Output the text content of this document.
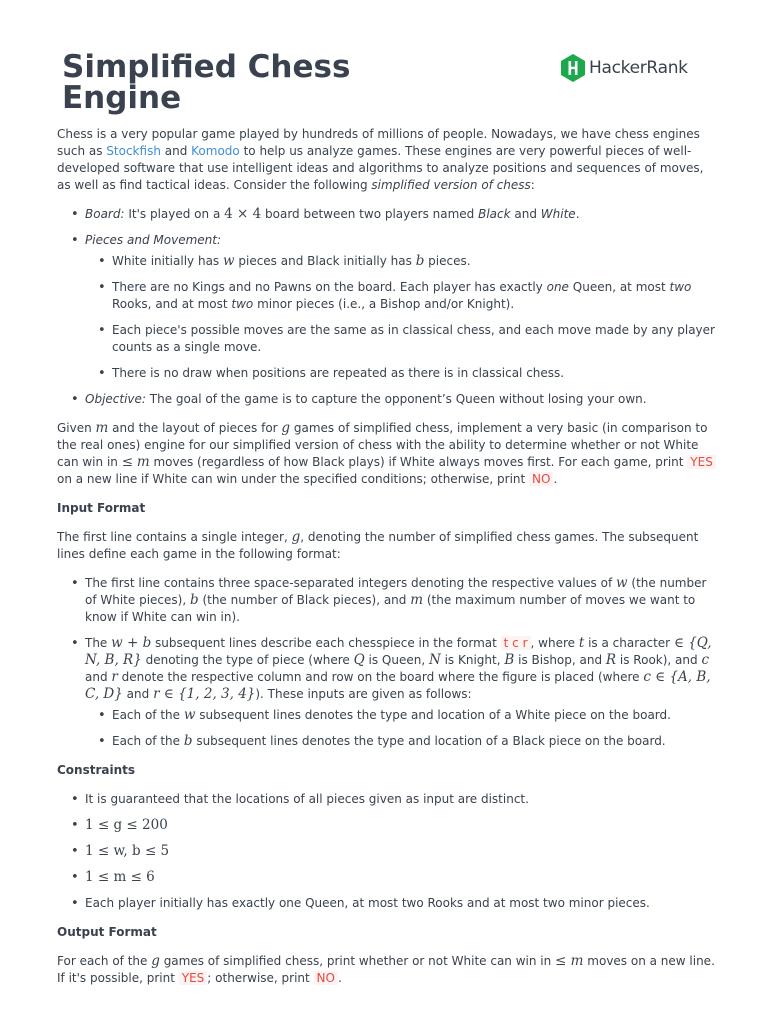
Simplified Chess
Engine
HackerRank

Chess is a very popular game played by hundreds of millions of people. Nowadays, we have chess engines such as Stockfish and Komodo to help us analyze games. These engines are very powerful pieces of well-developed software that use intelligent ideas and algorithms to analyze positions and sequences of moves, as well as find tactical ideas. Consider the following simplified version of chess:

• Board: It's played on a 4 × 4 board between two players named Black and White.
• Pieces and Movement:
• White initially has w pieces and Black initially has b pieces.
• There are no Kings and no Pawns on the board. Each player has exactly one Queen, at most two Rooks, and at most two minor pieces (i.e., a Bishop and/or Knight).
• Each piece's possible moves are the same as in classical chess, and each move made by any player counts as a single move.
• There is no draw when positions are repeated as there is in classical chess.
• Objective: The goal of the game is to capture the opponent’s Queen without losing your own.

Given m and the layout of pieces for g games of simplified chess, implement a very basic (in comparison to the real ones) engine for our simplified version of chess with the ability to determine whether or not White can win in ≤ m moves (regardless of how Black plays) if White always moves first. For each game, print YES on a new line if White can win under the specified conditions; otherwise, print NO .

Input Format

The first line contains a single integer, g, denoting the number of simplified chess games. The subsequent lines define each game in the following format:

• The first line contains three space-separated integers denoting the respective values of w (the number of White pieces), b (the number of Black pieces), and m (the maximum number of moves we want to know if White can win in).
• The w + b subsequent lines describe each chesspiece in the format t c r , where t is a character ∈ {Q, N, B, R} denoting the type of piece (where Q is Queen, N is Knight, B is Bishop, and R is Rook), and c and r denote the respective column and row on the board where the figure is placed (where c ∈ {A, B, C, D} and r ∈ {1, 2, 3, 4}). These inputs are given as follows:
• Each of the w subsequent lines denotes the type and location of a White piece on the board.
• Each of the b subsequent lines denotes the type and location of a Black piece on the board.
Constraints
• It is guaranteed that the locations of all pieces given as input are distinct.
• 1 ≤ g ≤ 200
• 1 ≤ w, b ≤ 5
• 1 ≤ m ≤ 6
• Each player initially has exactly one Queen, at most two Rooks and at most two minor pieces.
Output Format

For each of the g games of simplified chess, print whether or not White can win in ≤ m moves on a new line. If it's possible, print YES ; otherwise, print NO .
